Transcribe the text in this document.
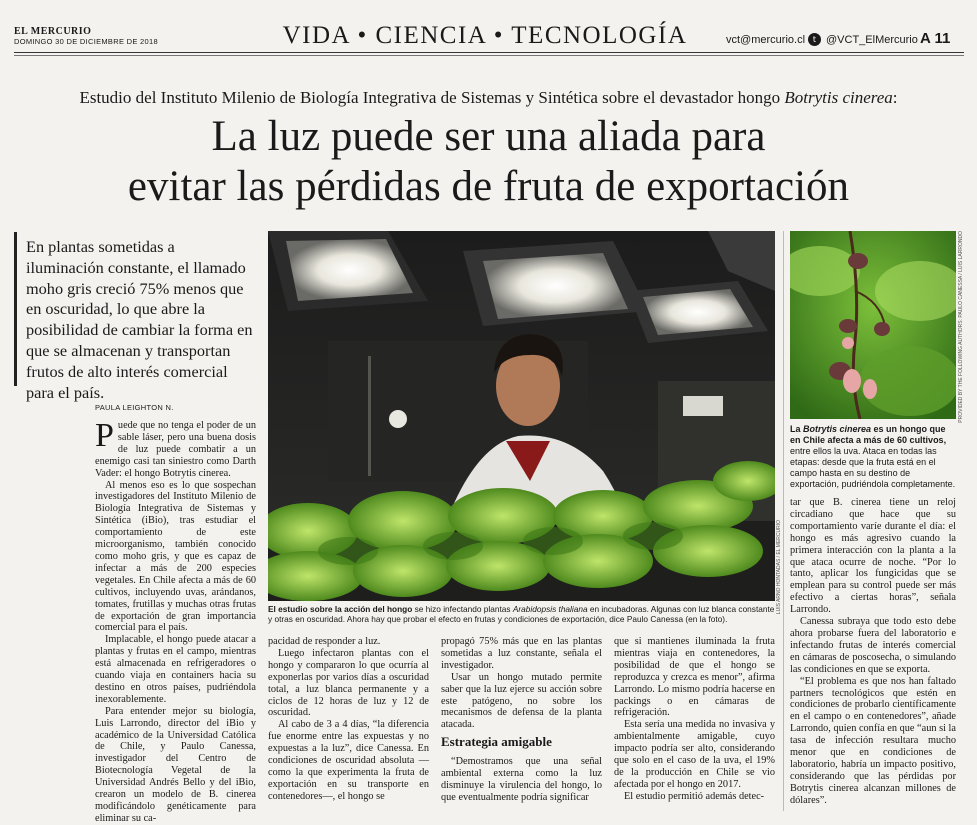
EL MERCURIO
DOMINGO 30 DE DICIEMBRE DE 2018	VIDA • CIENCIA • TECNOLOGÍA	vct@mercurio.cl t @VCT_ElMercurio A 11
Estudio del Instituto Milenio de Biología Integrativa de Sistemas y Sintética sobre el devastador hongo Botrytis cinerea:
La luz puede ser una aliada para
evitar las pérdidas de fruta de exportación
En plantas sometidas a iluminación constante, el llamado moho gris creció 75% menos que en oscuridad, lo que abre la posibilidad de cambiar la forma en que se almacenan y transportan frutos de alto interés comercial para el país.
PAULA LEIGHTON N.

Puede que no tenga el poder de un sable láser, pero una buena dosis de luz puede combatir a un enemigo casi tan siniestro como Darth Vader: el hongo Botrytis cinerea.

Al menos eso es lo que sospechan investigadores del Instituto Milenio de Biología Integrativa de Sistemas y Sintética (iBio), tras estudiar el comportamiento de este microorganismo, también conocido como moho gris, y que es capaz de infectar a más de 200 especies vegetales. En Chile afecta a más de 60 cultivos, incluyendo uvas, arándanos, tomates, frutillas y muchas otras frutas de exportación de gran importancia comercial para el país.

Implacable, el hongo puede atacar a plantas y frutas en el campo, mientras está almacenada en refrigeradores o cuando viaja en containers hacia su destino en otros países, pudriéndola inexorablemente.

Para entender mejor su biología, Luis Larrondo, director del iBio y académico de la Universidad Católica de Chile, y Paulo Canessa, investigador del Centro de Biotecnología Vegetal de la Universidad Andrés Bello y del iBio, crearon un modelo de B. cinerea modificándolo genéticamente para eliminar su ca-

pacidad de responder a luz.

Luego infectaron plantas con el hongo y compararon lo que ocurría al exponerlas por varios días a oscuridad total, a luz blanca permanente y a ciclos de 12 horas de luz y 12 de oscuridad.

Al cabo de 3 a 4 días, “la diferencia fue enorme entre las expuestas y no expuestas a la luz”, dice Canessa. En condiciones de oscuridad absoluta —como la que experimenta la fruta de exportación en su transporte en contenedores—, el hongo se

propagó 75% más que en las plantas sometidas a luz constante, señala el investigador.

Usar un hongo mutado permite saber que la luz ejerce su acción sobre este patógeno, no sobre los mecanismos de defensa de la planta atacada.

Estrategia amigable

“Demostramos que una señal ambiental externa como la luz disminuye la virulencia del hongo, lo que eventualmente podría significar

que si mantienes iluminada la fruta mientras viaja en contenedores, la posibilidad de que el hongo se reproduzca y crezca es menor”, afirma Larrondo. Lo mismo podría hacerse en packings o en cámaras de refrigeración.

Esta sería una medida no invasiva y ambientalmente amigable, cuyo impacto podría ser alto, considerando que solo en el caso de la uva, el 19% de la producción en Chile se vio afectada por el hongo en 2017.

El estudio permitió además detec-

tar que B. cinerea tiene un reloj circadiano que hace que su comportamiento varíe durante el día: el hongo es más agresivo cuando la primera interacción con la planta a la que ataca ocurre de noche. “Por lo tanto, aplicar los fungicidas que se emplean para su control puede ser más efectivo a ciertas horas”, señala Larrondo.

Canessa subraya que todo esto debe ahora probarse fuera del laboratorio e infectando frutas de interés comercial en cámaras de poscosecha, o simulando las condiciones en que se exporta.

“El problema es que nos han faltado partners tecnológicos que estén en condiciones de probarlo científicamente en el campo o en contenedores”, añade Larrondo, quien confía en que “aun si la tasa de infección resultara mucho menor que en condiciones de laboratorio, habría un impacto positivo, considerando que las pérdidas por Botrytis cinerea alcanzan millones de dólares”.

LUIS ARNO HONTADAS / EL MERCURIO
PROVIDED BY THE FOLLOWING AUTHORS: PAULO CANESSA / LUIS LARRONDO
El estudio sobre la acción del hongo se hizo infectando plantas Arabidopsis thaliana en incubadoras. Algunas con luz blanca constante y otras en oscuridad. Ahora hay que probar el efecto en frutas y condiciones de exportación, dice Paulo Canessa (en la foto).
La Botrytis cinerea es un hongo que en Chile afecta a más de 60 cultivos, entre ellos la uva. Ataca en todas las etapas: desde que la fruta está en el campo hasta en su destino de exportación, pudriéndola completamente.
